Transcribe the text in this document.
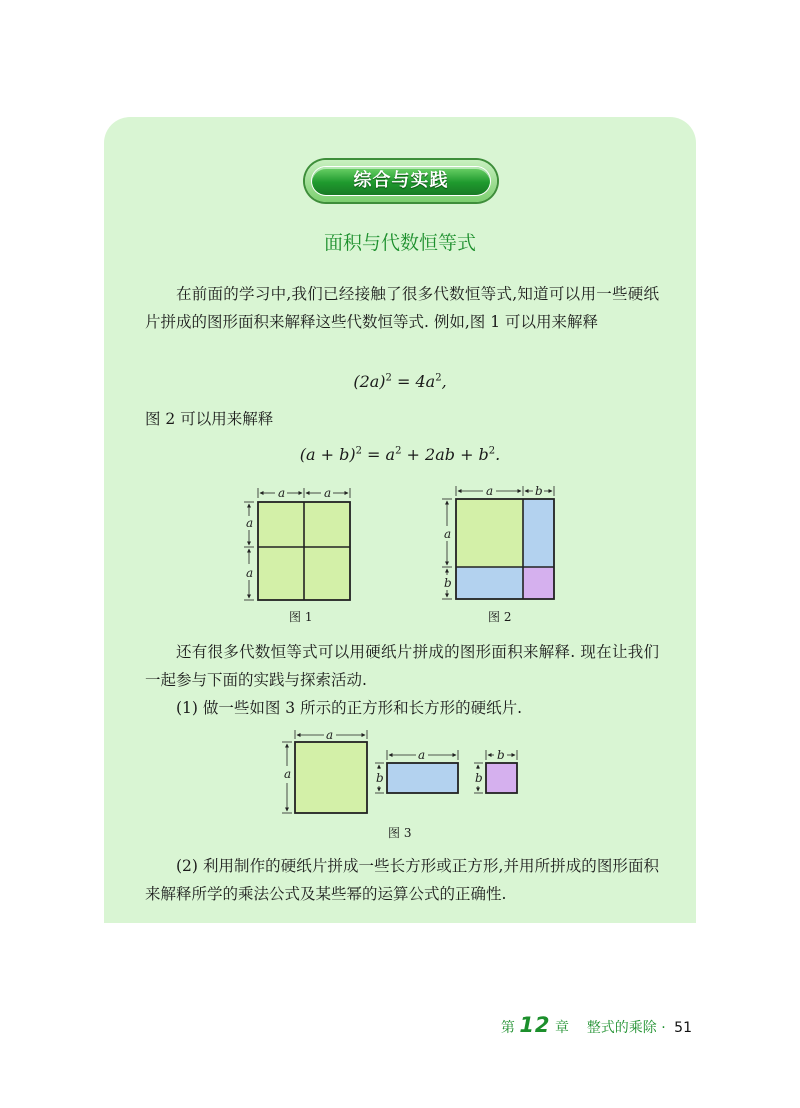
综合与实践
面积与代数恒等式

在前面的学习中,我们已经接触了很多代数恒等式,知道可以用一些硬纸片拼成的图形面积来解释这些代数恒等式. 例如,图 1 可以用来解释

$(2a)^2 = 4a^2$,

图 2 可以用来解释

$(a + b)^2 = a^2 + 2ab + b^2$.
a	a
a
a
图 1
a	b
a
b
图 2

还有很多代数恒等式可以用硬纸片拼成的图形面积来解释. 现在让我们一起参与下面的实践与探索活动.

(1) 做一些如图 3 所示的正方形和长方形的硬纸片.

a
a
a
b
b
b
图 3

(2) 利用制作的硬纸片拼成一些长方形或正方形,并用所拼成的图形面积来解释所学的乘法公式及某些幂的运算公式的正确性.

第 12 章 整式的乘除 · 51
